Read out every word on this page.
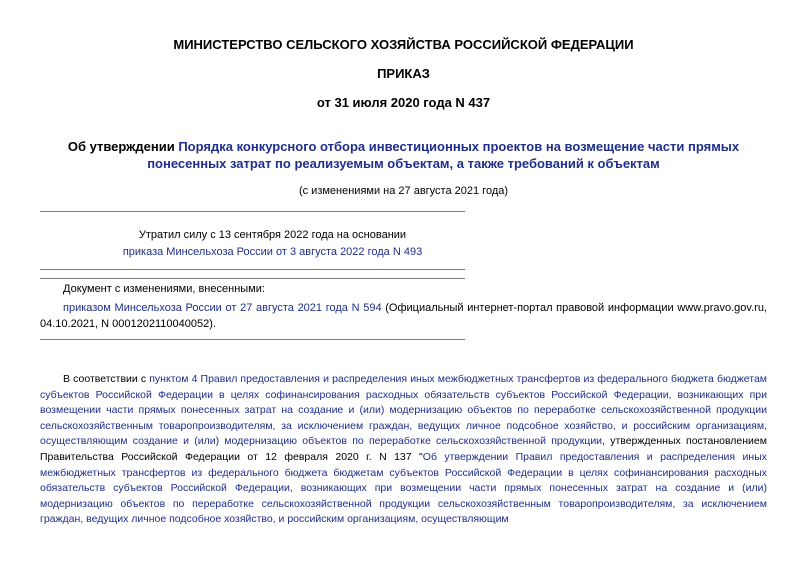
МИНИСТЕРСТВО СЕЛЬСКОГО ХОЗЯЙСТВА РОССИЙСКОЙ ФЕДЕРАЦИИ
ПРИКАЗ
от 31 июля 2020 года N 437
Об утверждении Порядка конкурсного отбора инвестиционных проектов на возмещение части прямых понесенных затрат по реализуемым объектам, а также требований к объектам
(с изменениями на 27 августа 2021 года)
Утратил силу с 13 сентября 2022 года на основании
приказа Минсельхоза России от 3 августа 2022 года N 493
Документ с изменениями, внесенными:
приказом Минсельхоза России от 27 августа 2021 года N 594 (Официальный интернет-портал правовой информации www.pravo.gov.ru, 04.10.2021, N 0001202110040052).
В соответствии с пунктом 4 Правил предоставления и распределения иных межбюджетных трансфертов из федерального бюджета бюджетам субъектов Российской Федерации в целях софинансирования расходных обязательств субъектов Российской Федерации, возникающих при возмещении части прямых понесенных затрат на создание и (или) модернизацию объектов по переработке сельскохозяйственной продукции сельскохозяйственным товаропроизводителям, за исключением граждан, ведущих личное подсобное хозяйство, и российским организациям, осуществляющим создание и (или) модернизацию объектов по переработке сельскохозяйственной продукции, утвержденных постановлением Правительства Российской Федерации от 12 февраля 2020 г. N 137 "Об утверждении Правил предоставления и распределения иных межбюджетных трансфертов из федерального бюджета бюджетам субъектов Российской Федерации в целях софинансирования расходных обязательств субъектов Российской Федерации, возникающих при возмещении части прямых понесенных затрат на создание и (или) модернизацию объектов по переработке сельскохозяйственной продукции сельскохозяйственным товаропроизводителям, за исключением граждан, ведущих личное подсобное хозяйство, и российским организациям, осуществляющим
